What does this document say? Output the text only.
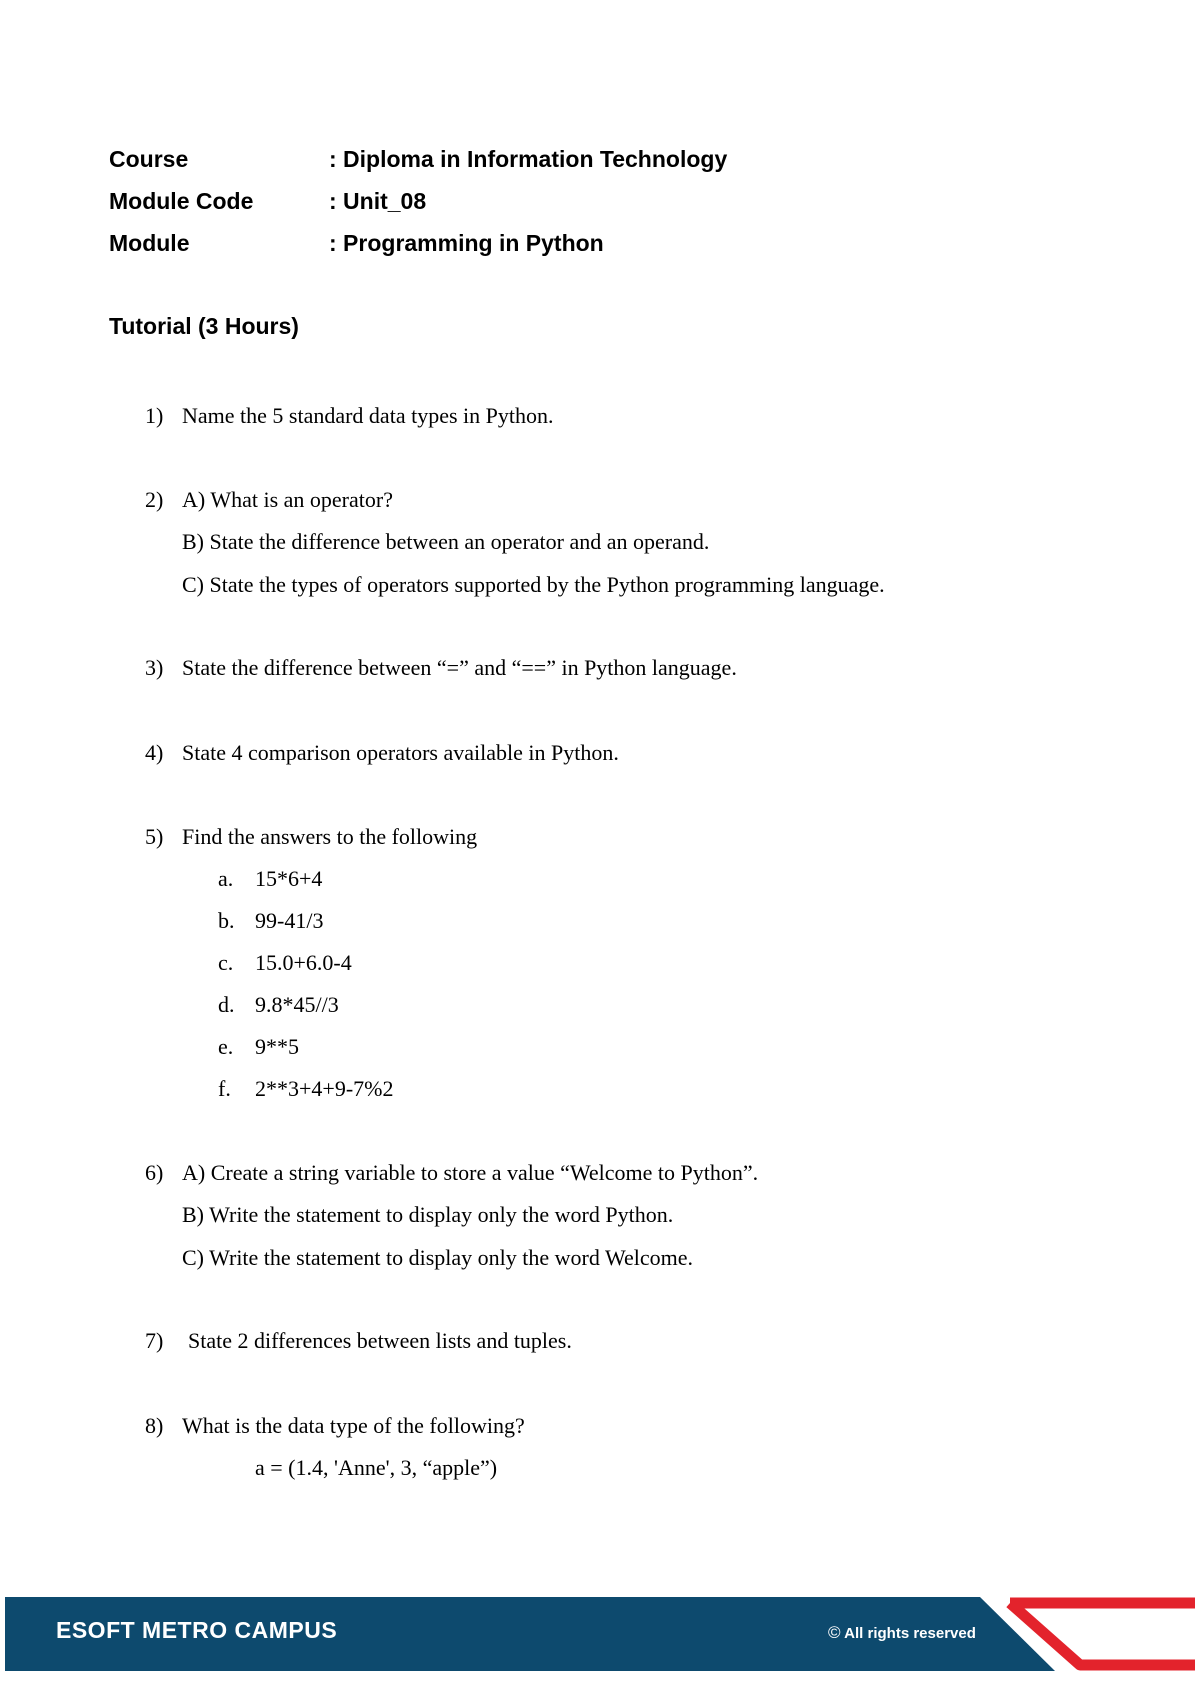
Course	: Diploma in Information Technology
Module Code	: Unit_08
Module	: Programming in Python
Tutorial (3 Hours)
1) Name the 5 standard data types in Python.
2) A) What is an operator?
B) State the difference between an operator and an operand.
C) State the types of operators supported by the Python programming language.
3) State the difference between “=” and “==” in Python language.
4) State 4 comparison operators available in Python.
5) Find the answers to the following
a. 15*6+4
b. 99-41/3
c. 15.0+6.0-4
d. 9.8*45//3
e. 9**5
f. 2**3+4+9-7%2
6) A) Create a string variable to store a value “Welcome to Python”.
B) Write the statement to display only the word Python.
C) Write the statement to display only the word Welcome.
7) State 2 differences between lists and tuples.
8) What is the data type of the following?
a = (1.4, 'Anne', 3, “apple”)
ESOFT METRO CAMPUS	© All rights reserved
